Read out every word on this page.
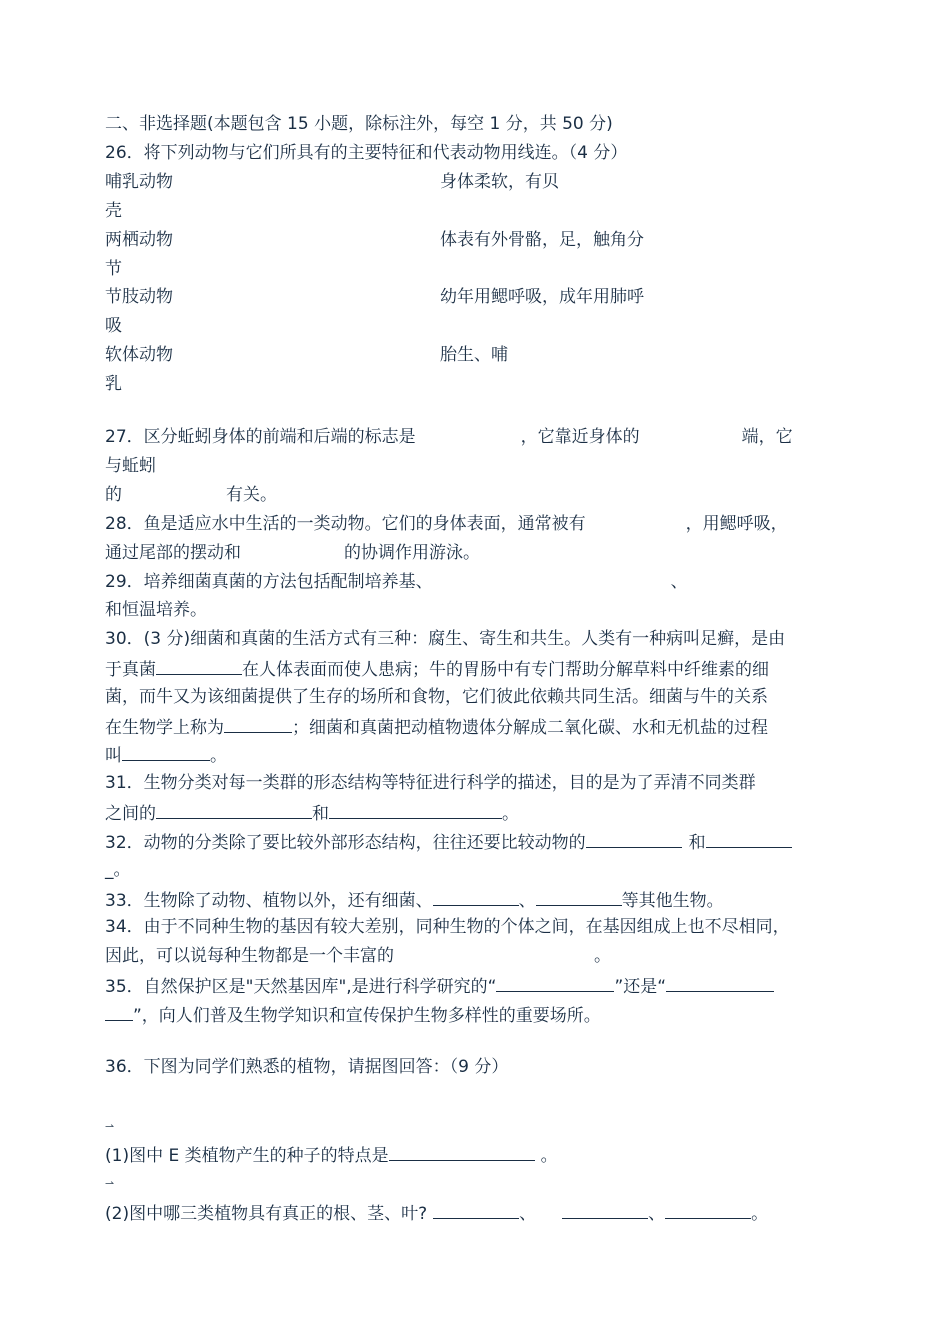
二、非选择题(本题包含 15 小题，除标注外，每空 1 分，共 50 分)
26．将下列动物与它们所具有的主要特征和代表动物用线连。（4 分）
哺乳动物	身体柔软，有贝
壳
两栖动物	体表有外骨骼，足，触角分
节
节肢动物	幼年用鳃呼吸，成年用肺呼
吸
软体动物	胎生、哺
乳
27．区分蚯蚓身体的前端和后端的标志是	，它靠近身体的	端，它
与蚯蚓
的	有关。
28．鱼是适应水中生活的一类动物。它们的身体表面，通常被有	，用鳃呼吸，
通过尾部的摆动和	的协调作用游泳。
29．培养细菌真菌的方法包括配制培养基、	、
和恒温培养。
30．(3 分)细菌和真菌的生活方式有三种：腐生、寄生和共生。人类有一种病叫足癣，是由
于真菌	在人体表面而使人患病；牛的胃肠中有专门帮助分解草料中纤维素的细
菌，而牛又为该细菌提供了生存的场所和食物，它们彼此依赖共同生活。细菌与牛的关系
在生物学上称为	；细菌和真菌把动植物遗体分解成二氧化碳、水和无机盐的过程
叫	。
31．生物分类对每一类群的形态结构等特征进行科学的描述，目的是为了弄清不同类群
之间的	和	。
32．动物的分类除了要比较外部形态结构，往往还要比较动物的	和
_。
33．生物除了动物、植物以外，还有细菌、	、	等其他生物。
34．由于不同种生物的基因有较大差别，同种生物的个体之间，在基因组成上也不尽相同，
因此，可以说每种生物都是一个丰富的	。
35．自然保护区是"天然基因库",是进行科学研究的“	”还是“
”，向人们普及生物学知识和宣传保护生物多样性的重要场所。
36．下图为同学们熟悉的植物，请据图回答：（9 分）
⇀
(1)图中 E 类植物产生的种子的特点是	。
⇀
(2)图中哪三类植物具有真正的根、茎、叶?	、	、	。
